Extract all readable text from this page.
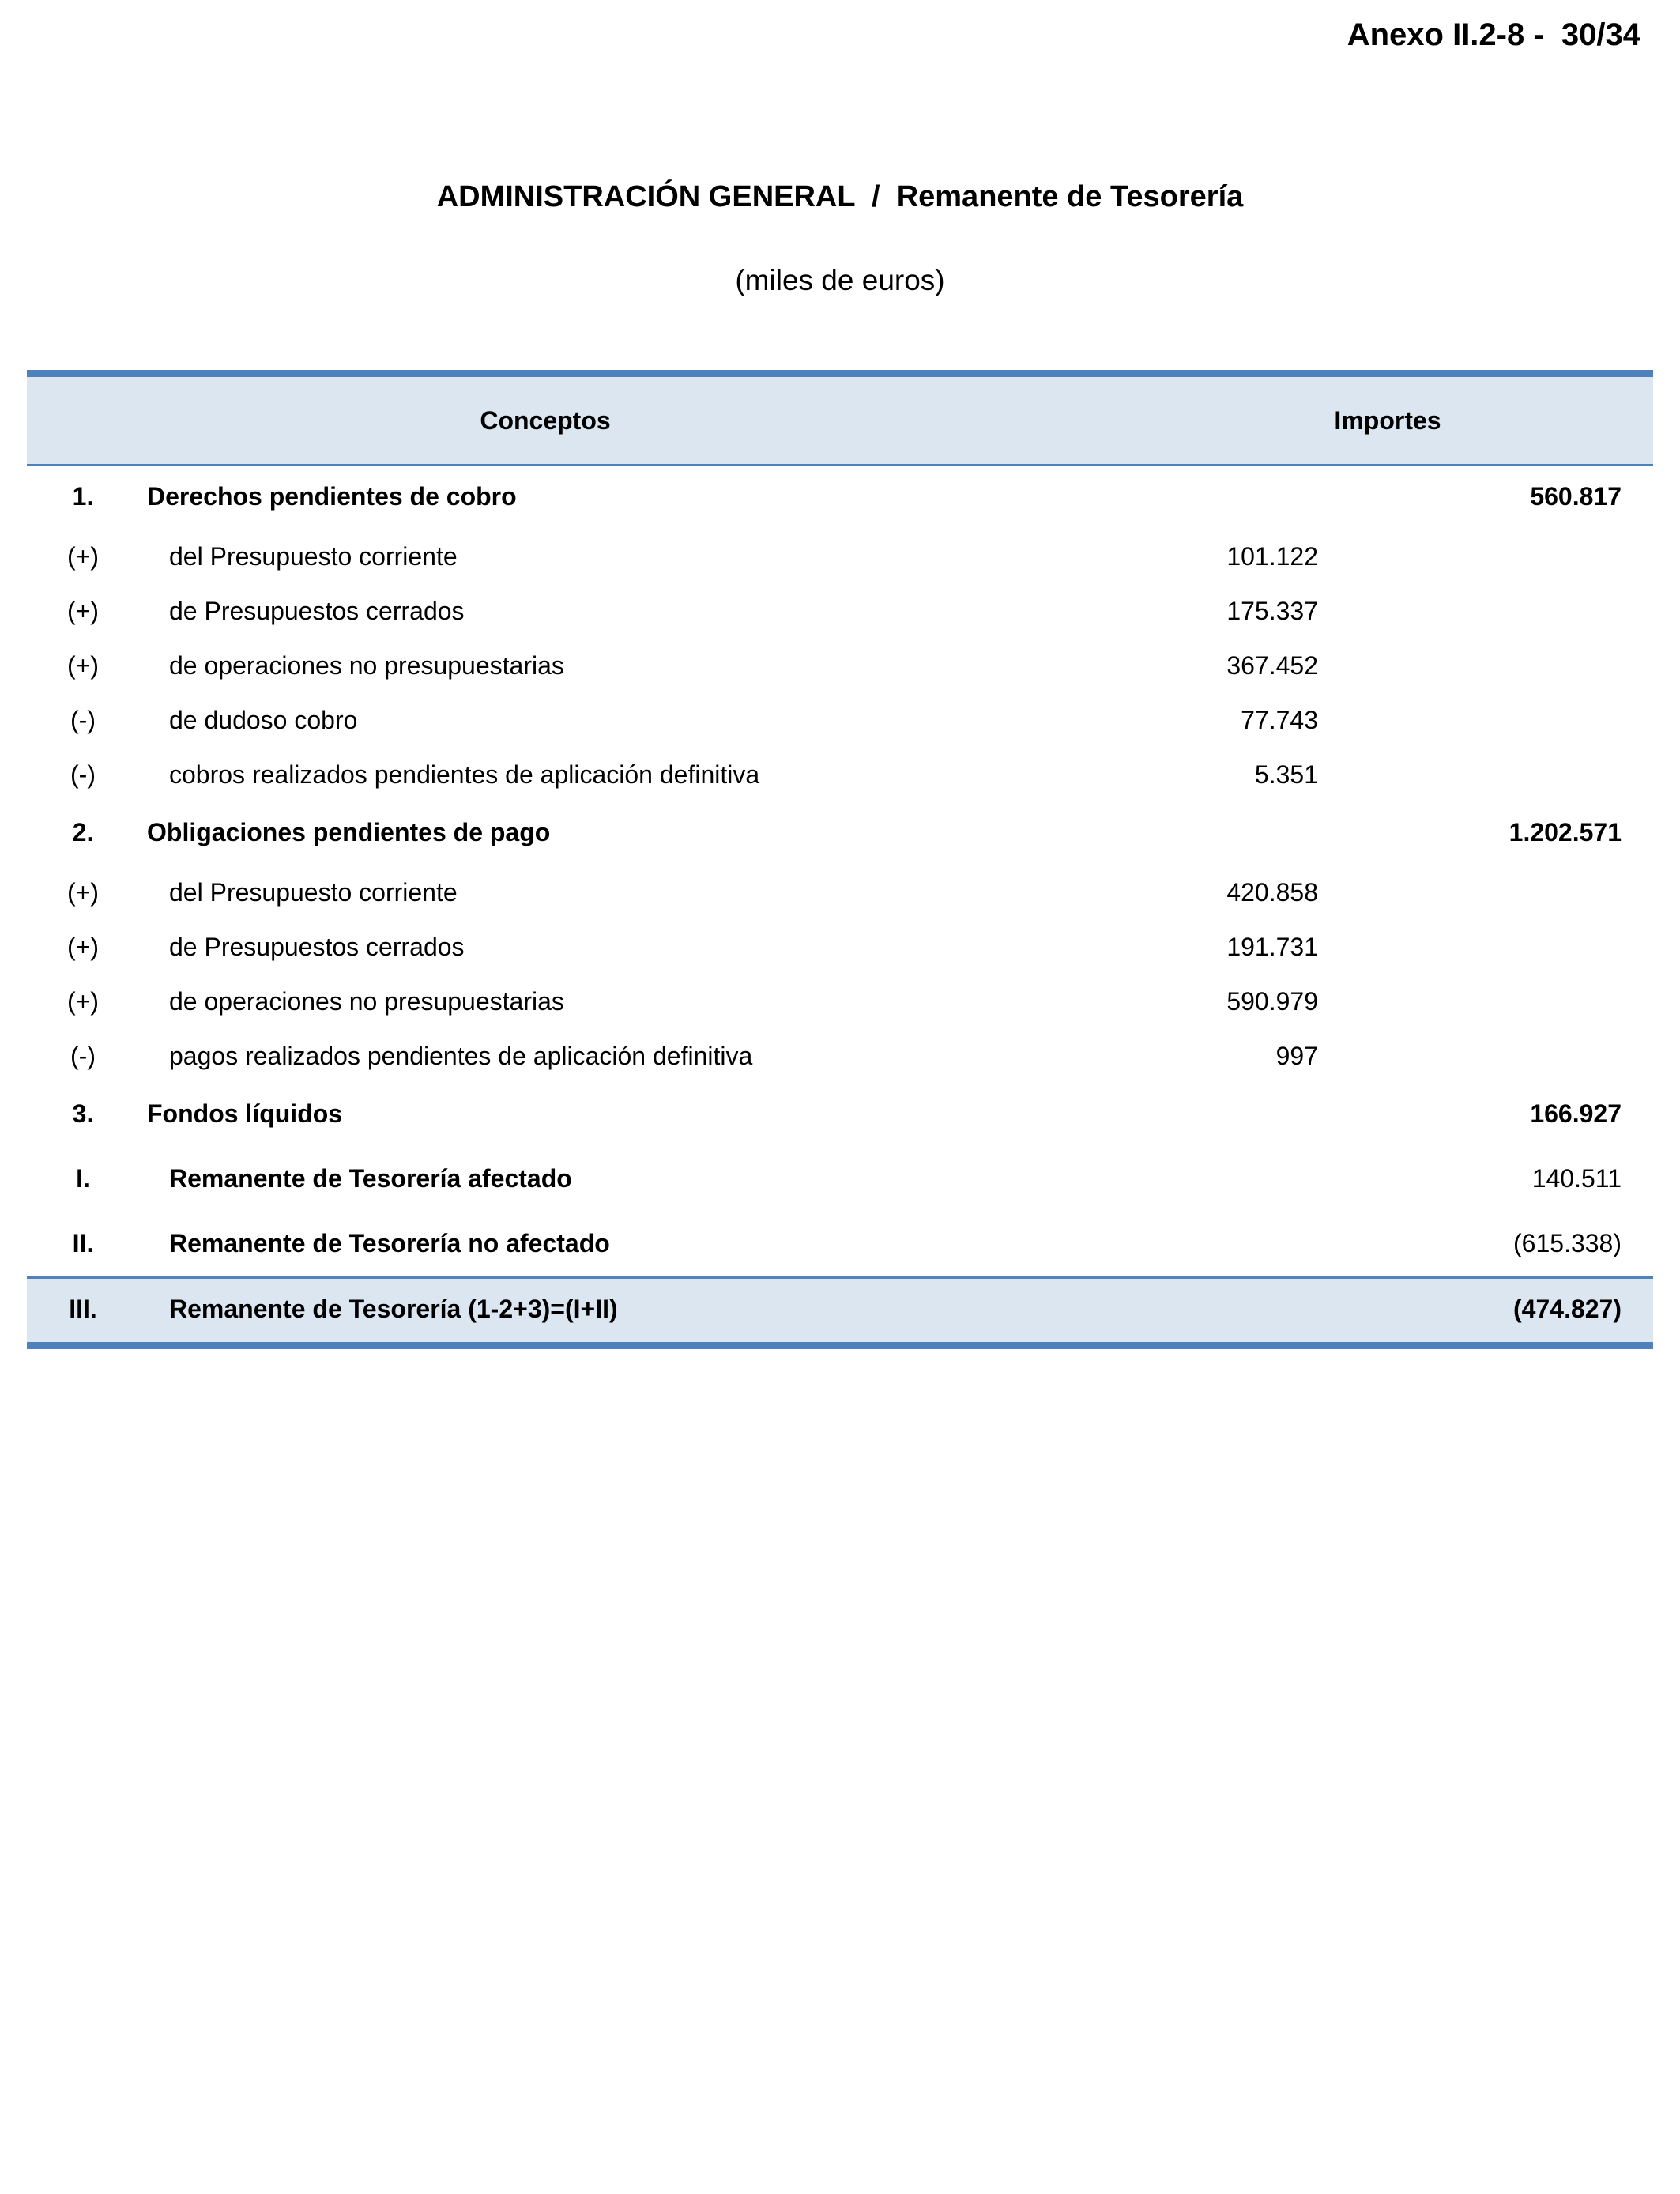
Anexo II.2-8 -  30/34
ADMINISTRACIÓN GENERAL  /  Remanente de Tesorería
(miles de euros)
Conceptos	Importes
1.	Derechos pendientes de cobro	560.817
(+)	del Presupuesto corriente	101.122
(+)	de Presupuestos cerrados	175.337
(+)	de operaciones no presupuestarias	367.452
(-)	de dudoso cobro	77.743
(-)	cobros realizados pendientes de aplicación definitiva	5.351
2.	Obligaciones pendientes de pago	1.202.571
(+)	del Presupuesto corriente	420.858
(+)	de Presupuestos cerrados	191.731
(+)	de operaciones no presupuestarias	590.979
(-)	pagos realizados pendientes de aplicación definitiva	997
3.	Fondos líquidos	166.927
I.	Remanente de Tesorería afectado	140.511
II.	Remanente de Tesorería no afectado	(615.338)
III.	Remanente de Tesorería (1-2+3)=(I+II)	(474.827)
